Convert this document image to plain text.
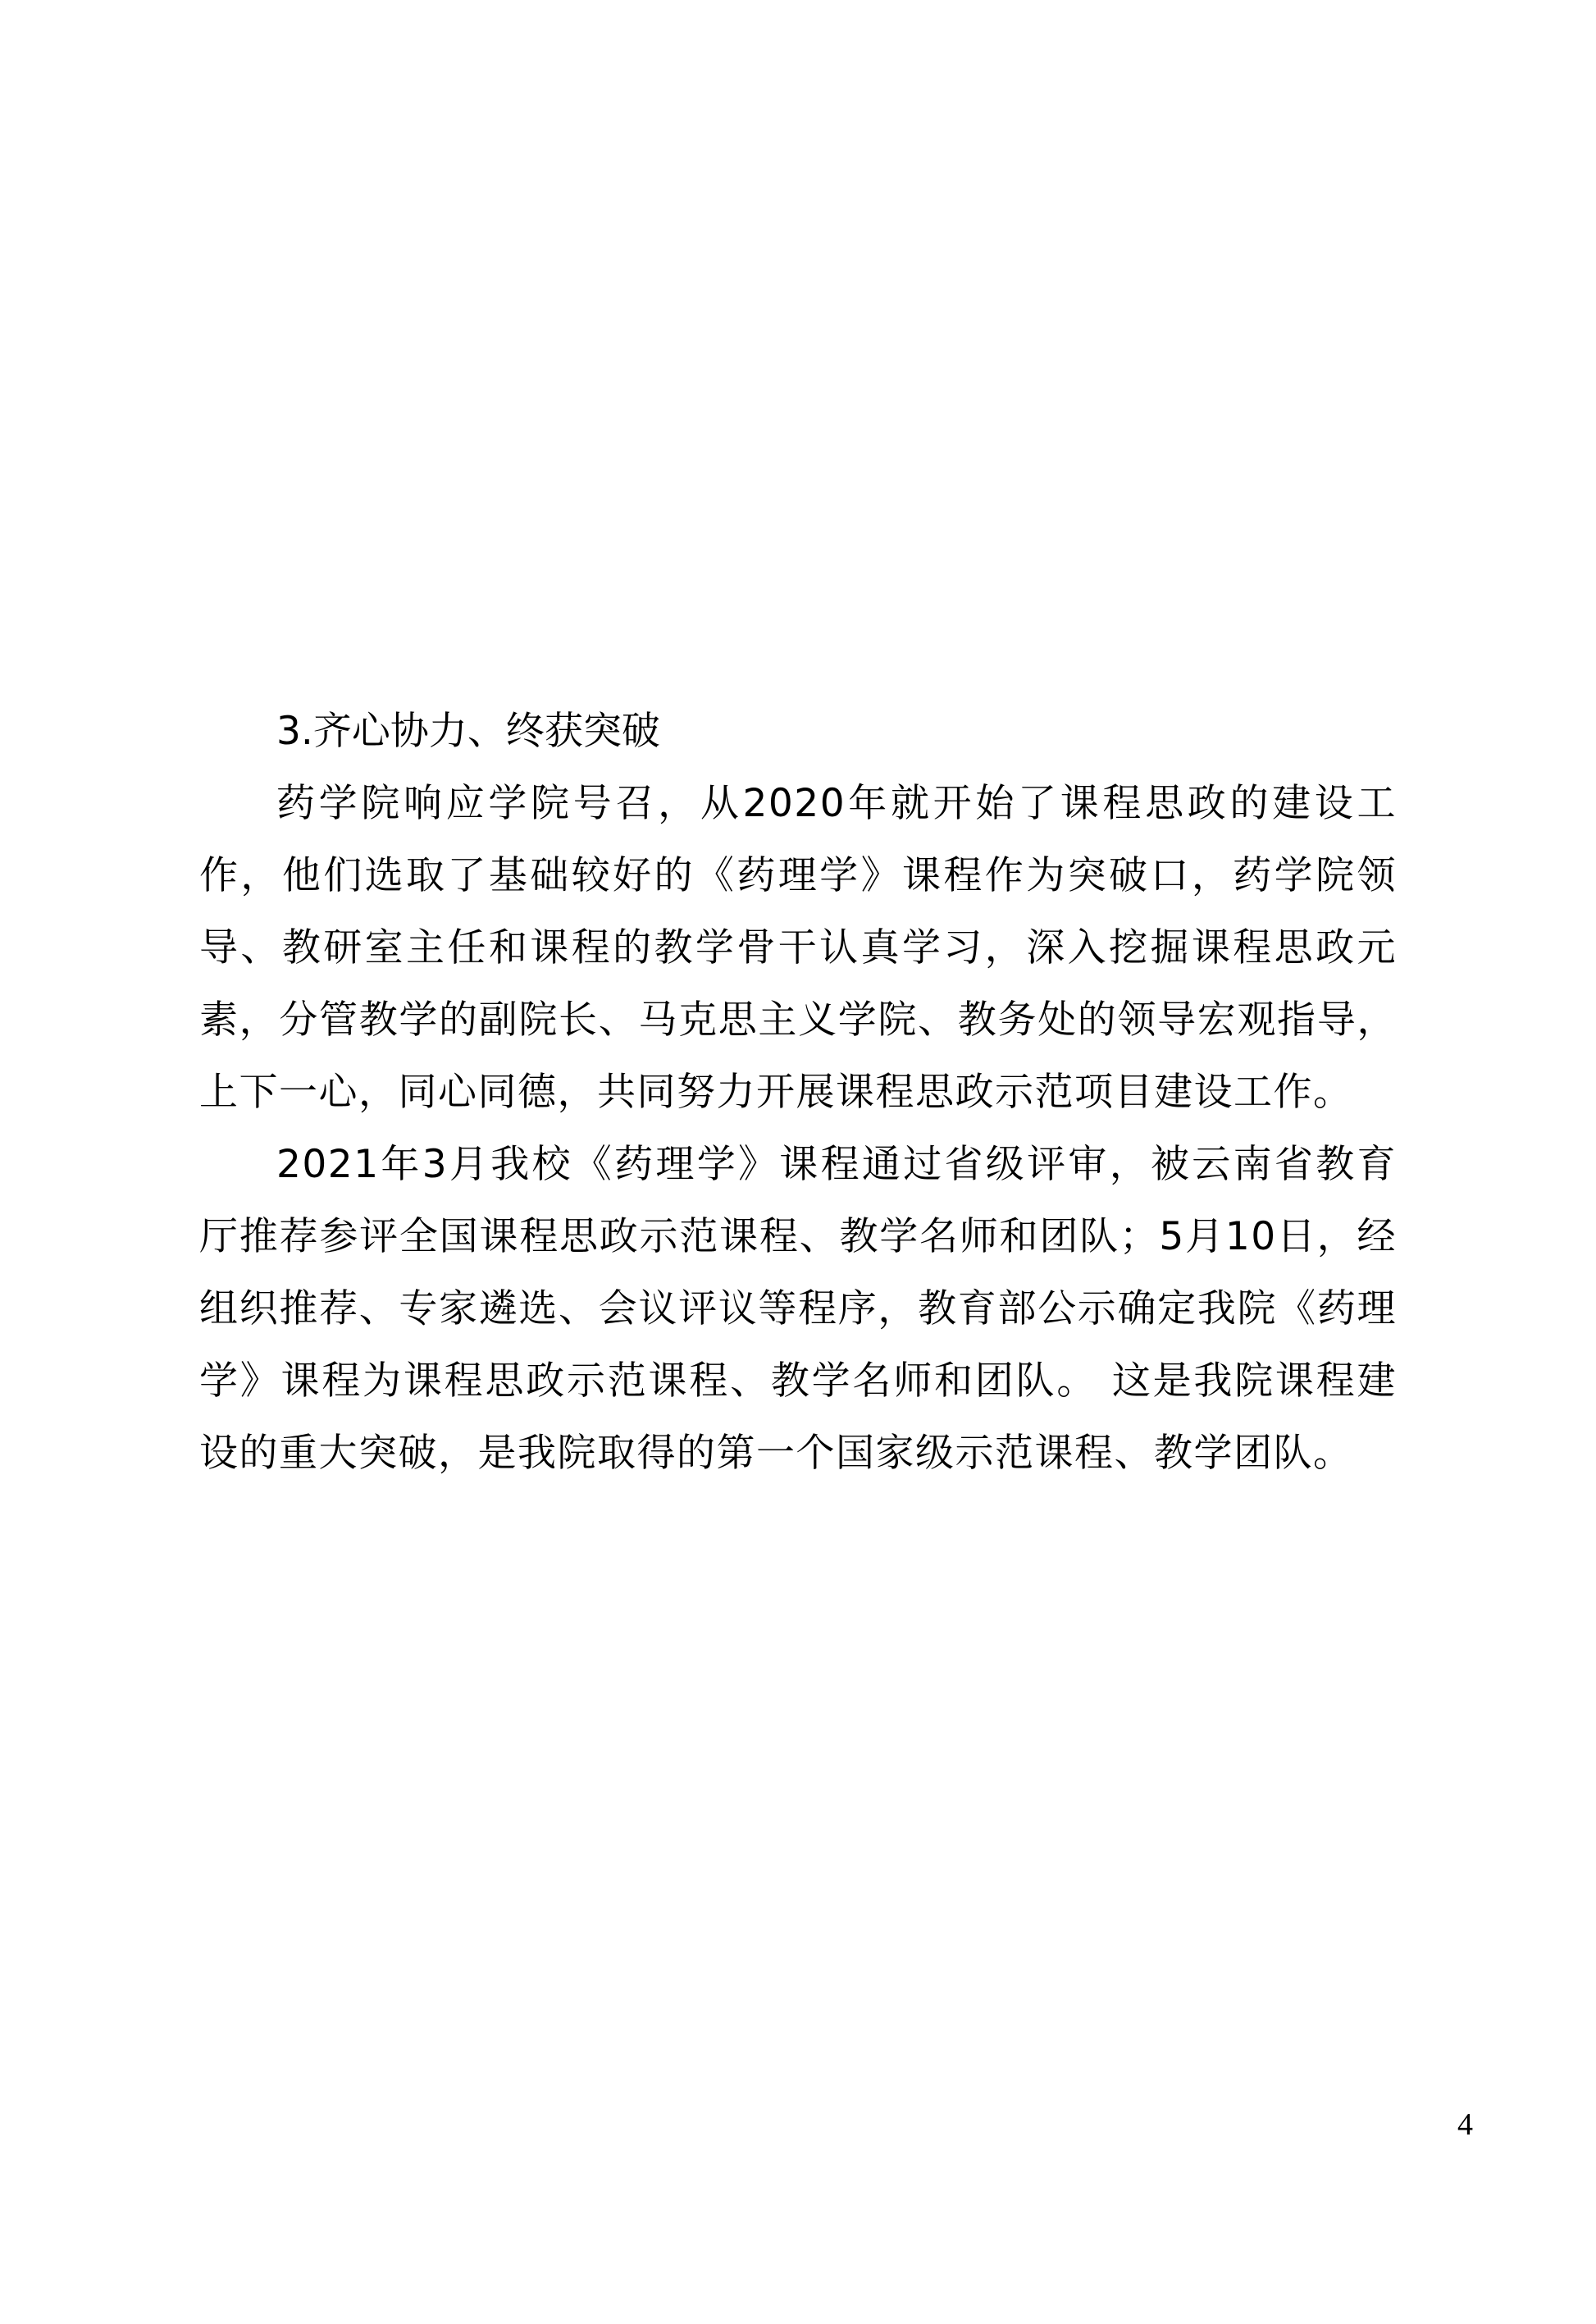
3.齐心协力、终获突破

药学院响应学院号召，从2020年就开始了课程思政的建设工作，他们选取了基础较好的《药理学》课程作为突破口，药学院领导、教研室主任和课程的教学骨干认真学习，深入挖掘课程思政元素，分管教学的副院长、马克思主义学院、教务处的领导宏观指导，上下一心，同心同德，共同努力开展课程思政示范项目建设工作。

2021年3月我校《药理学》课程通过省级评审，被云南省教育厅推荐参评全国课程思政示范课程、教学名师和团队；5月10日，经组织推荐、专家遴选、会议评议等程序，教育部公示确定我院《药理学》课程为课程思政示范课程、教学名师和团队。 这是我院课程建设的重大突破，是我院取得的第一个国家级示范课程、教学团队。

4
